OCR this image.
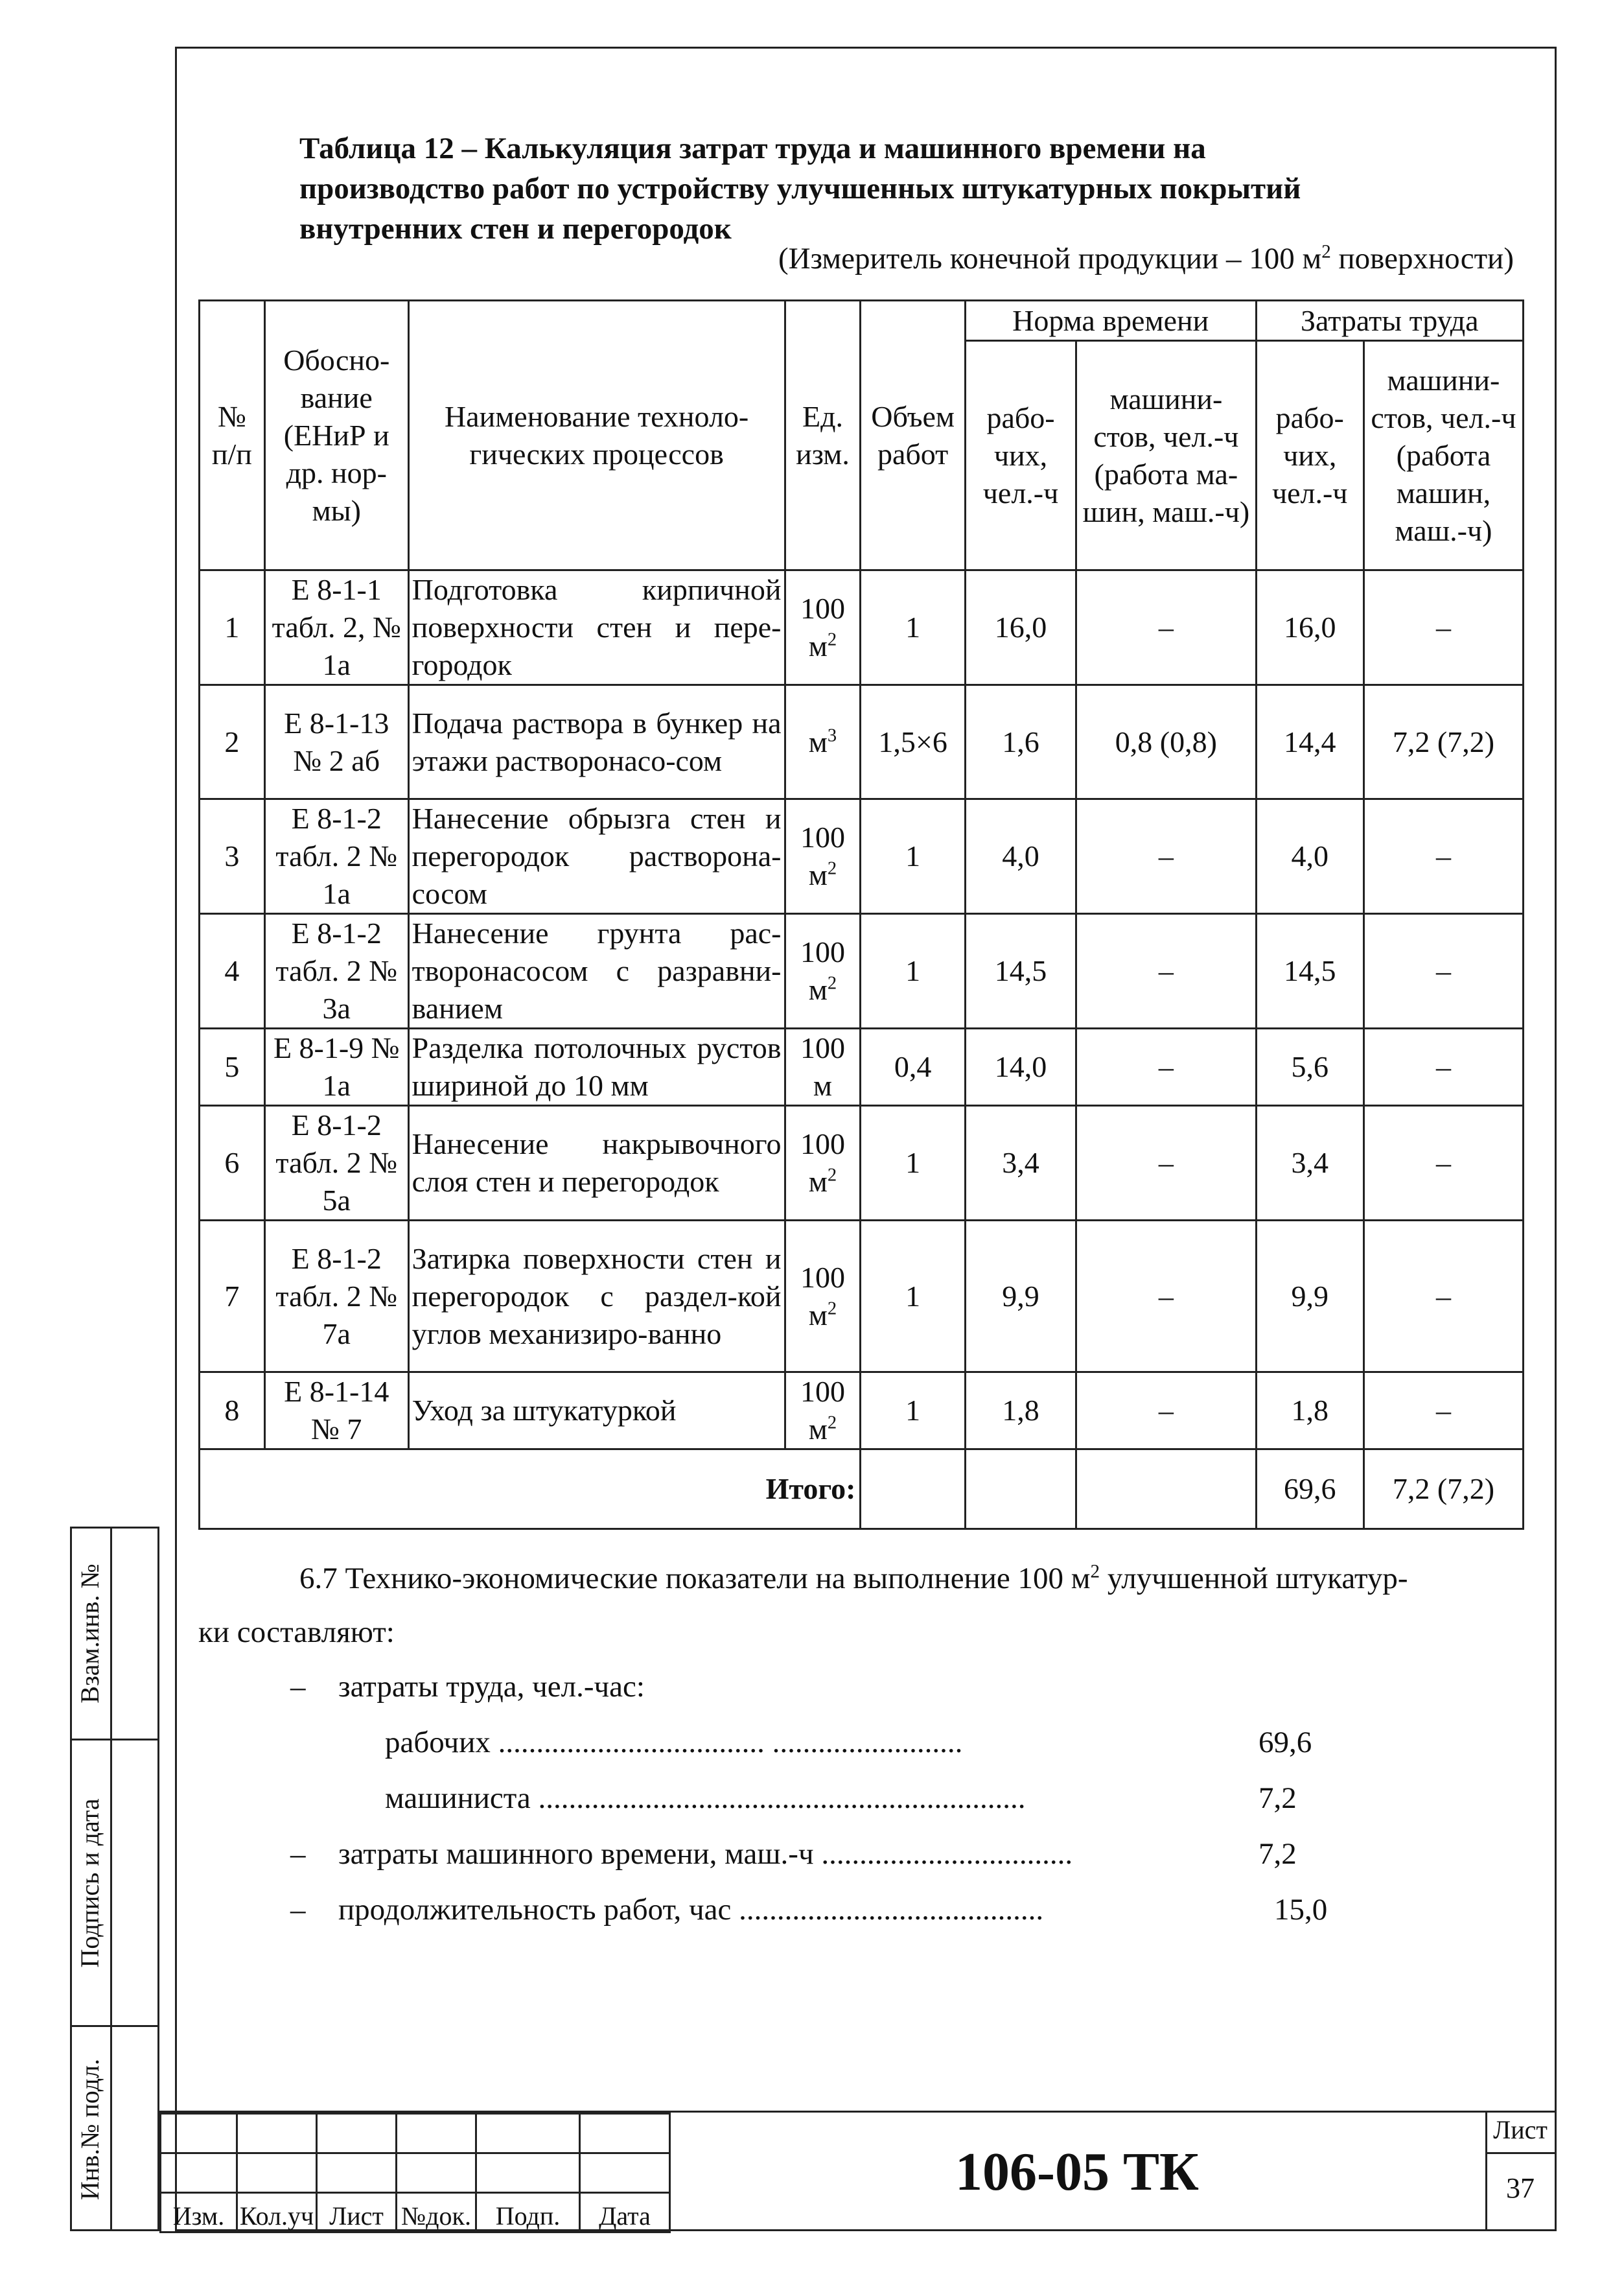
Взам.инв. №
Подпись и дата
Инв.№ подл.
Таблица 12 – Калькуляция затрат труда и машинного времени на
производство работ по устройству улучшенных штукатурных покрытий
внутренних стен и перегородок
(Измеритель конечной продукции – 100 $м^2$ поверхности)
№ п/п	Обосно-вание (ЕНиР и др. нор-мы)	Наименование техноло-гических процессов	Ед. изм.	Объем работ	Норма времени		Затраты труда	
					рабо-чих, чел.-ч	машини-стов, чел.-ч (работа ма-шин, маш.-ч)	рабо-чих, чел.-ч	машини-стов, чел.-ч (работа машин, маш.-ч)
1	Е 8-1-1 табл. 2, № 1а	Подготовка кирпичной поверхности стен и пере-городок	100 $м^2$	1	16,0	–	16,0	–
2	Е 8-1-13 № 2 аб	Подача раствора в бункер на этажи растворонасо-сом	$м^3$	1,5×6	1,6	0,8 (0,8)	14,4	7,2 (7,2)
3	Е 8-1-2 табл. 2 № 1а	Нанесение обрызга стен и перегородок растворона-сосом	100 $м^2$	1	4,0	–	4,0	–
4	Е 8-1-2 табл. 2 № 3а	Нанесение грунта рас-творонасосом с разравни-ванием	100 $м^2$	1	14,5	–	14,5	–
5	Е 8-1-9 № 1а	Разделка потолочных рустов шириной до 10 мм	100 м	0,4	14,0	–	5,6	–
6	Е 8-1-2 табл. 2 № 5а	Нанесение накрывочного слоя стен и перегородок	100 $м^2$	1	3,4	–	3,4	–
7	Е 8-1-2 табл. 2 № 7а	Затирка поверхности стен и перегородок с раздел-кой углов механизиро-ванно	100 $м^2$	1	9,9	–	9,9	–
8	Е 8-1-14 № 7	Уход за штукатуркой	100 $м^2$	1	1,8	–	1,8	–
Итого:							69,6	7,2 (7,2)
6.7 Технико-экономические показатели на выполнение 100 $м^2$ улучшенной штукатур-
ки составляют:
– затраты труда, чел.-час:
рабочих ................................... .........................	69,6
машиниста ................................................................	7,2
– затраты машинного времени, маш.-ч .................................	7,2
– продолжительность работ, час ........................................	15,0

Изм.	Кол.уч	Лист	№док.	Подп.	Дата
106-05 ТК
Лист
37
